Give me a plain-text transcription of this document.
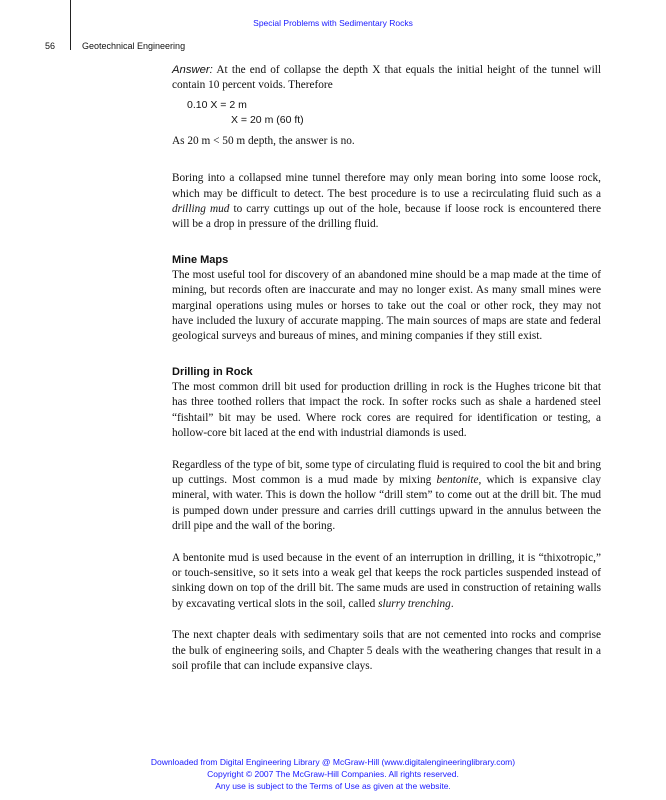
Special Problems with Sedimentary Rocks
56	Geotechnical Engineering

Answer: At the end of collapse the depth X that equals the initial height of the tunnel will contain 10 percent voids. Therefore

0.10 X = 2 m
X = 20 m (60 ft)

As 20 m < 50 m depth, the answer is no.

Boring into a collapsed mine tunnel therefore may only mean boring into some loose rock, which may be difficult to detect. The best procedure is to use a recirculating fluid such as a drilling mud to carry cuttings up out of the hole, because if loose rock is encountered there will be a drop in pressure of the drilling fluid.

Mine Maps

The most useful tool for discovery of an abandoned mine should be a map made at the time of mining, but records often are inaccurate and may no longer exist. As many small mines were marginal operations using mules or horses to take out the coal or other rock, they may not have included the luxury of accurate mapping. The main sources of maps are state and federal geological surveys and bureaus of mines, and mining companies if they still exist.

Drilling in Rock

The most common drill bit used for production drilling in rock is the Hughes tricone bit that has three toothed rollers that impact the rock. In softer rocks such as shale a hardened steel “fishtail” bit may be used. Where rock cores are required for identification or testing, a hollow-core bit laced at the end with industrial diamonds is used.

Regardless of the type of bit, some type of circulating fluid is required to cool the bit and bring up cuttings. Most common is a mud made by mixing bentonite, which is expansive clay mineral, with water. This is down the hollow “drill stem” to come out at the drill bit. The mud is pumped down under pressure and carries drill cuttings upward in the annulus between the drill pipe and the wall of the boring.

A bentonite mud is used because in the event of an interruption in drilling, it is “thixotropic,” or touch-sensitive, so it sets into a weak gel that keeps the rock particles suspended instead of sinking down on top of the drill bit. The same muds are used in construction of retaining walls by excavating vertical slots in the soil, called slurry trenching.

The next chapter deals with sedimentary soils that are not cemented into rocks and comprise the bulk of engineering soils, and Chapter 5 deals with the weathering changes that result in a soil profile that can include expansive clays.

Downloaded from Digital Engineering Library @ McGraw-Hill (www.digitalengineeringlibrary.com)
Copyright © 2007 The McGraw-Hill Companies. All rights reserved.
Any use is subject to the Terms of Use as given at the website.
